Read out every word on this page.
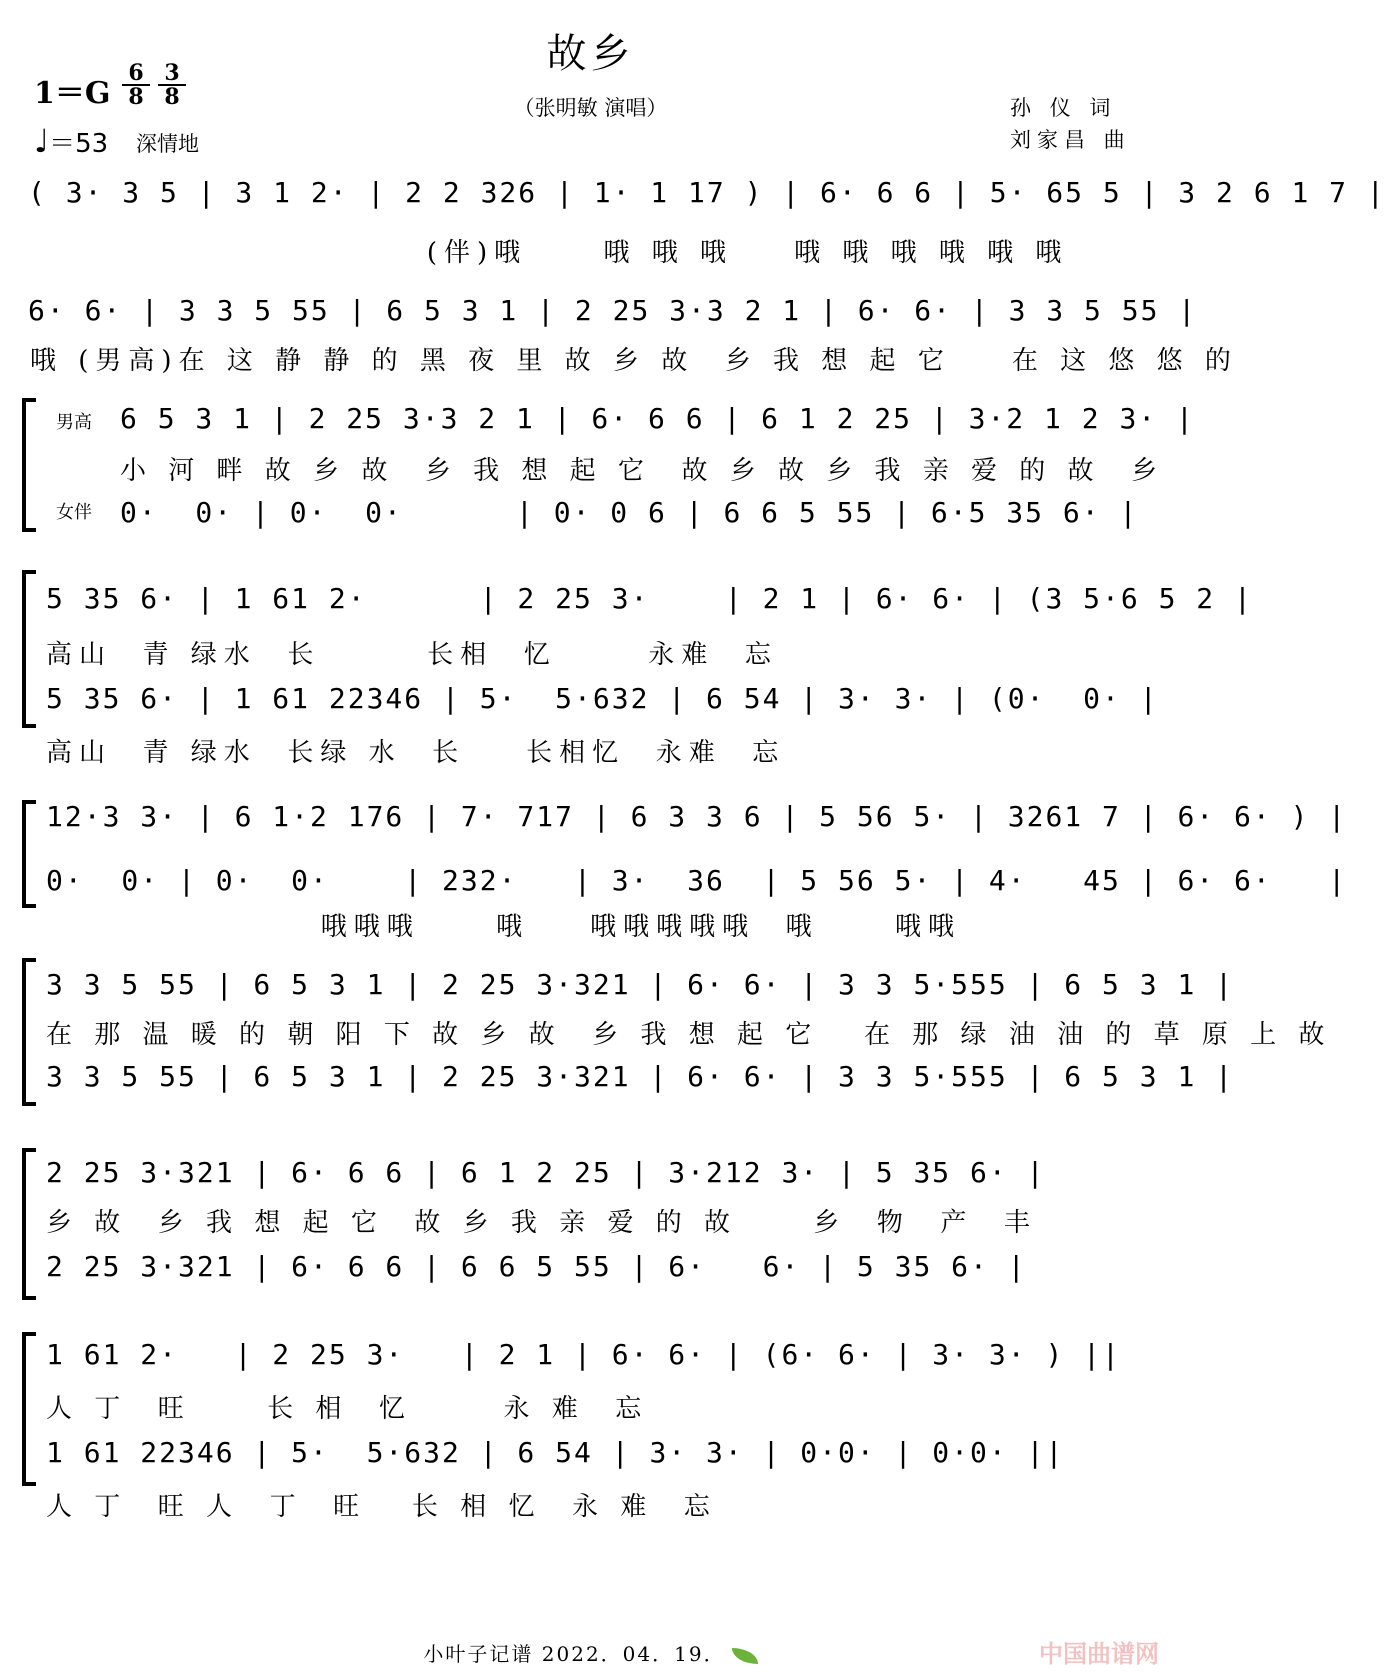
故乡
（张明敏 演唱）
1＝G
6
8
3
8
♩＝53 深情地
孙 仪 词
刘家昌 曲
( 3· 3 5 | 3 1 2· | 2 2 326 | 1· 1 17 ) | 6· 6 6 | 5· 65 5 | 3 2 6 1 7 |
(伴)哦     哦 哦 哦    哦 哦 哦 哦 哦 哦
6· 6· | 3 3 5 55 | 6 5 3 1 | 2 25 3·3 2 1 | 6· 6· | 3 3 5 55 |
哦 (男高)在 这 静 静 的 黑 夜 里 故 乡 故  乡 我 想 起 它    在 这 悠 悠 的
男高
女伴
6 5 3 1 | 2 25 3·3 2 1 | 6· 6 6 | 6 1 2 25 | 3·2 1 2 3· |
小 河 畔 故 乡 故  乡 我 想 起 它  故 乡 故 乡 我 亲 爱 的 故  乡
0·  0· | 0·  0·      | 0· 0 6 | 6 6 5 55 | 6·5 35 6· |
5 35 6· | 1 61 2·      | 2 25 3·    | 2 1 | 6· 6· | (3 5·6 5 2 |
高山  青 绿水  长       长相  忆      永难  忘
5 35 6· | 1 61 22346 | 5·  5·632 | 6 54 | 3· 3· | (0·  0· |
高山  青 绿水  长绿 水  长    长相忆  永难  忘
12·3 3· | 6 1·2 176 | 7· 717 | 6 3 3 6 | 5 56 5· | 3261 7 | 6· 6· ) |
0·  0· | 0·  0·    | 232·   | 3·  36  | 5 56 5· | 4·   45 | 6· 6·   |
哦哦哦     哦    哦哦哦哦哦  哦     哦哦
3 3 5 55 | 6 5 3 1 | 2 25 3·321 | 6· 6· | 3 3 5·555 | 6 5 3 1 |
在 那 温 暖 的 朝 阳 下 故 乡 故  乡 我 想 起 它   在 那 绿 油 油 的 草 原 上 故
3 3 5 55 | 6 5 3 1 | 2 25 3·321 | 6· 6· | 3 3 5·555 | 6 5 3 1 |
2 25 3·321 | 6· 6 6 | 6 1 2 25 | 3·212 3· | 5 35 6· |
乡 故  乡 我 想 起 它  故 乡 我 亲 爱 的 故     乡  物  产  丰
2 25 3·321 | 6· 6 6 | 6 6 5 55 | 6·   6· | 5 35 6· |
1 61 2·   | 2 25 3·   | 2 1 | 6· 6· | (6· 6· | 3· 3· ) ||
人 丁  旺     长 相  忆      永 难  忘
1 61 22346 | 5·  5·632 | 6 54 | 3· 3· | 0·0· | 0·0· ||
人 丁  旺 人  丁  旺   长 相 忆  永 难  忘
小叶子记谱 2022．04．19．	中国曲谱网
